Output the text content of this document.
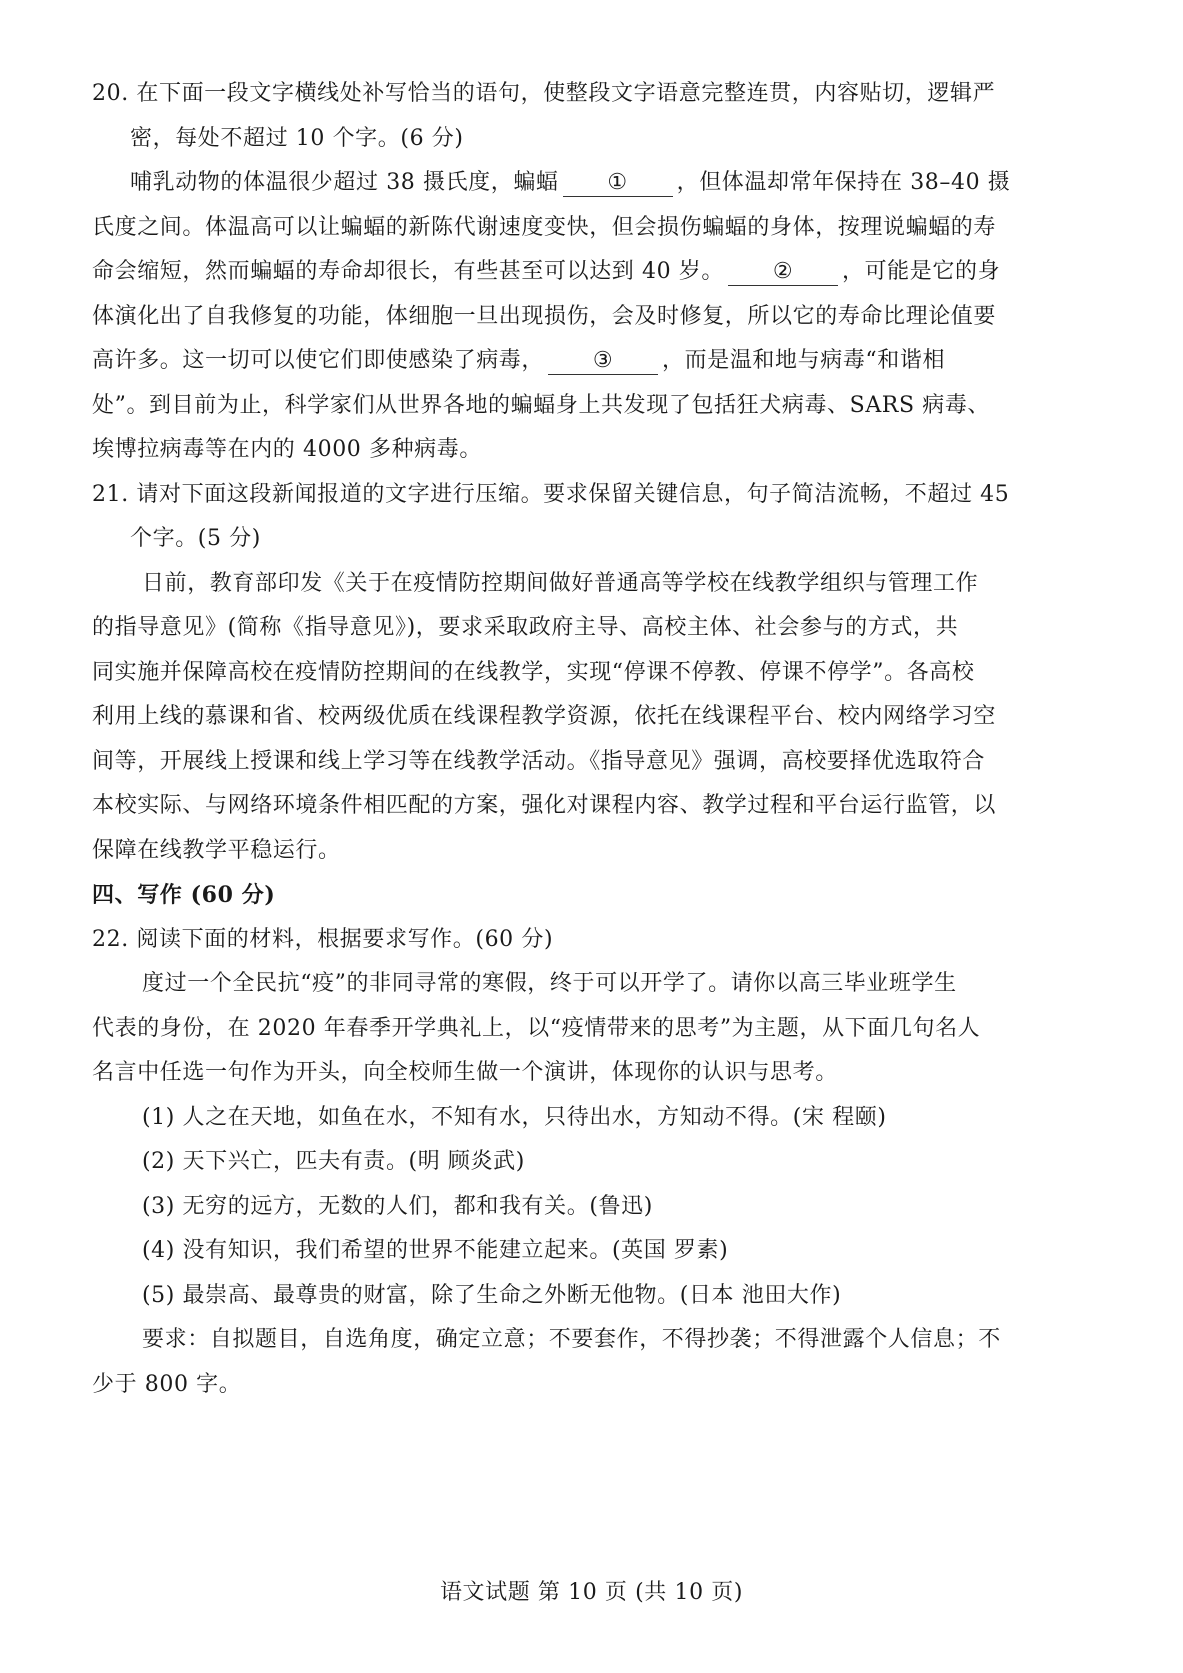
20. 在下面一段文字横线处补写恰当的语句，使整段文字语意完整连贯，内容贴切，逻辑严
密，每处不超过 10 个字。(6 分)
哺乳动物的体温很少超过 38 摄氏度，蝙蝠 ① ，但体温却常年保持在 38–40 摄
氏度之间。体温高可以让蝙蝠的新陈代谢速度变快，但会损伤蝙蝠的身体，按理说蝙蝠的寿
命会缩短，然而蝙蝠的寿命却很长，有些甚至可以达到 40 岁。 ② ，可能是它的身
体演化出了自我修复的功能，体细胞一旦出现损伤，会及时修复，所以它的寿命比理论值要
高许多。这一切可以使它们即使感染了病毒， ③ ，而是温和地与病毒“和谐相
处”。到目前为止，科学家们从世界各地的蝙蝠身上共发现了包括狂犬病毒、SARS 病毒、
埃博拉病毒等在内的 4000 多种病毒。
21. 请对下面这段新闻报道的文字进行压缩。要求保留关键信息，句子简洁流畅，不超过 45
个字。(5 分)
日前，教育部印发《关于在疫情防控期间做好普通高等学校在线教学组织与管理工作
的指导意见》(简称《指导意见》)，要求采取政府主导、高校主体、社会参与的方式，共
同实施并保障高校在疫情防控期间的在线教学，实现“停课不停教、停课不停学”。各高校
利用上线的慕课和省、校两级优质在线课程教学资源，依托在线课程平台、校内网络学习空
间等，开展线上授课和线上学习等在线教学活动。《指导意见》强调，高校要择优选取符合
本校实际、与网络环境条件相匹配的方案，强化对课程内容、教学过程和平台运行监管，以
保障在线教学平稳运行。
四、写作 (60 分)
22. 阅读下面的材料，根据要求写作。(60 分)
度过一个全民抗“疫”的非同寻常的寒假，终于可以开学了。请你以高三毕业班学生
代表的身份，在 2020 年春季开学典礼上，以“疫情带来的思考”为主题，从下面几句名人
名言中任选一句作为开头，向全校师生做一个演讲，体现你的认识与思考。
(1) 人之在天地，如鱼在水，不知有水，只待出水，方知动不得。(宋 程颐)
(2) 天下兴亡，匹夫有责。(明 顾炎武)
(3) 无穷的远方，无数的人们，都和我有关。(鲁迅)
(4) 没有知识，我们希望的世界不能建立起来。(英国 罗素)
(5) 最崇高、最尊贵的财富，除了生命之外断无他物。(日本 池田大作)
要求：自拟题目，自选角度，确定立意；不要套作，不得抄袭；不得泄露个人信息；不
少于 800 字。
语文试题 第 10 页 (共 10 页)
